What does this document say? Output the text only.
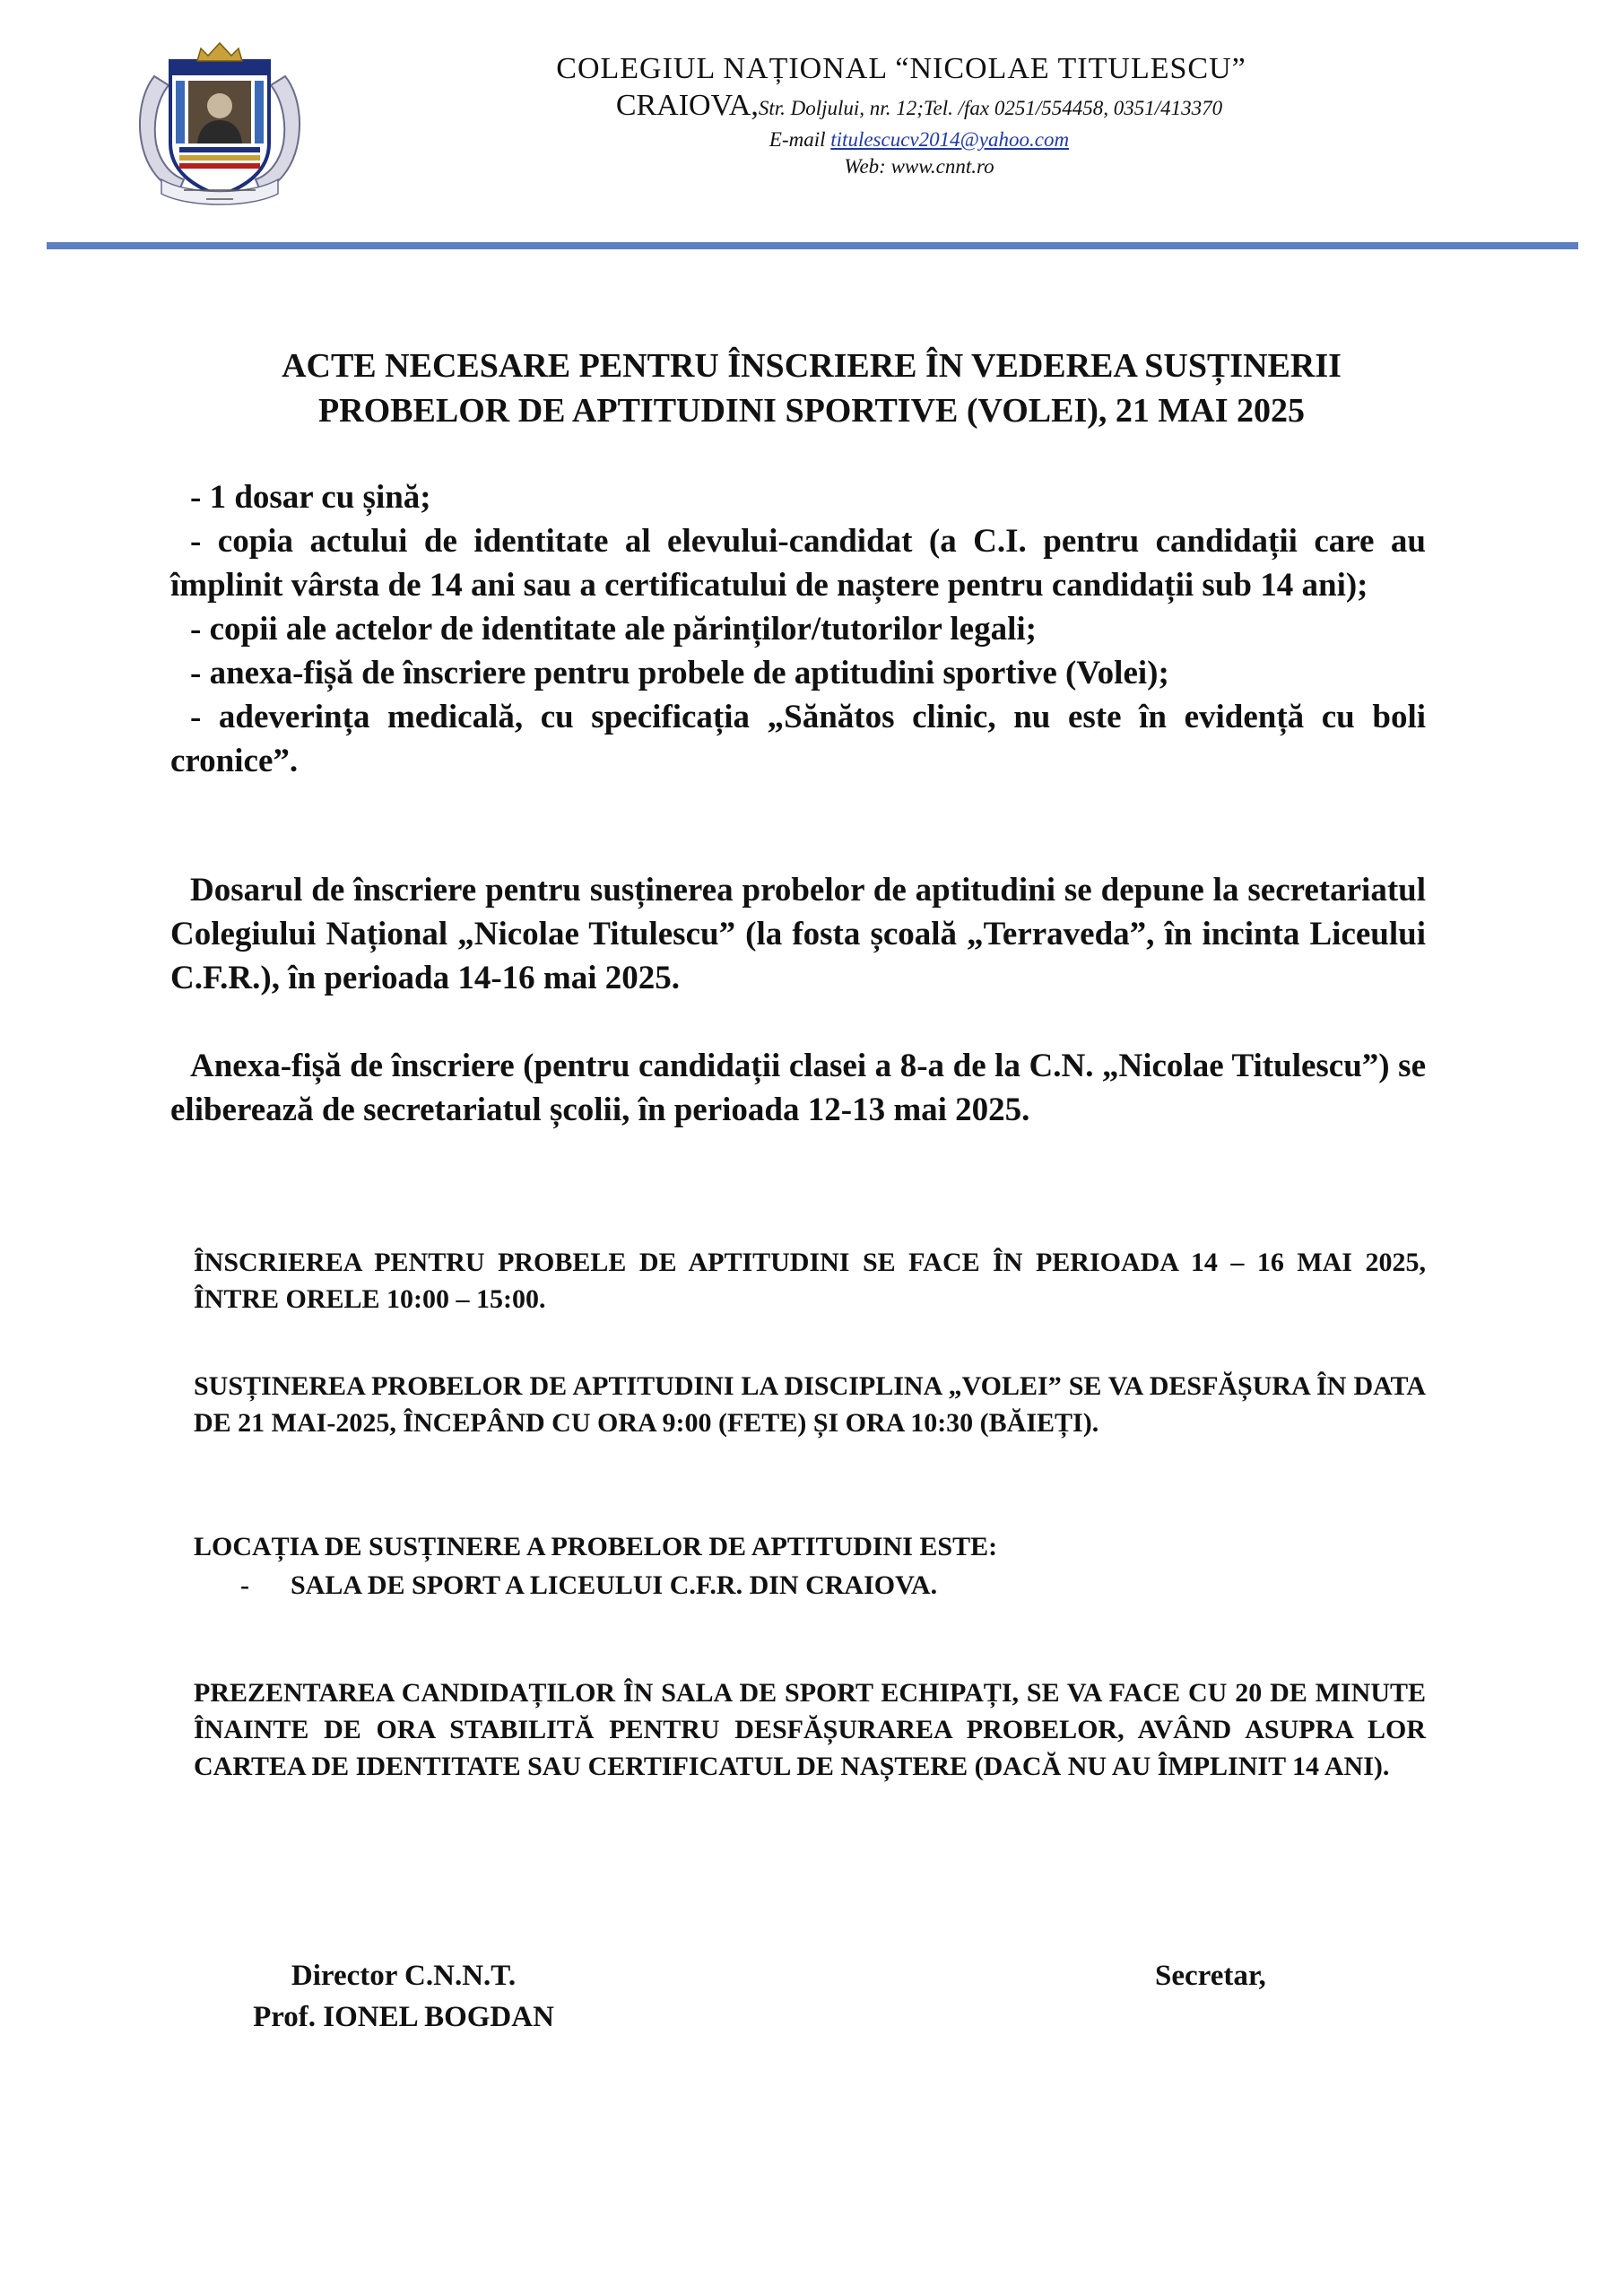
COLEGIUL NAȚIONAL “NICOLAE TITULESCU”
CRAIOVA,Str. Doljului, nr. 12;Tel. /fax 0251/554458, 0351/413370
E-mail titulescucv2014@yahoo.com
Web: www.cnnt.ro
ACTE NECESARE PENTRU ÎNSCRIERE ÎN VEDEREA SUSȚINERII
PROBELOR DE APTITUDINI SPORTIVE (VOLEI), 21 MAI 2025

- 1 dosar cu șină;

- copia actului de identitate al elevului-candidat (a C.I. pentru candidații care au împlinit vârsta de 14 ani sau a certificatului de naștere pentru candidații sub 14 ani);

- copii ale actelor de identitate ale părinților/tutorilor legali;

- anexa-fișă de înscriere pentru probele de aptitudini sportive (Volei);

- adeverința medicală, cu specificația „Sănătos clinic, nu este în evidență cu boli cronice”.

Dosarul de înscriere pentru susținerea probelor de aptitudini se depune la secretariatul Colegiului Național „Nicolae Titulescu” (la fosta școală „Terraveda”, în incinta Liceului C.F.R.), în perioada 14-16 mai 2025.

Anexa-fișă de înscriere (pentru candidații clasei a 8-a de la C.N. „Nicolae Titulescu”) se eliberează de secretariatul școlii, în perioada 12-13 mai 2025.

ÎNSCRIEREA PENTRU PROBELE DE APTITUDINI SE FACE ÎN PERIOADA 14 – 16 MAI 2025, ÎNTRE ORELE 10:00 – 15:00.

SUSȚINEREA PROBELOR DE APTITUDINI LA DISCIPLINA „VOLEI” SE VA DESFĂȘURA ÎN DATA DE 21 MAI-2025, ÎNCEPÂND CU ORA 9:00 (FETE) ȘI ORA 10:30 (BĂIEȚI).

LOCAȚIA DE SUSȚINERE A PROBELOR DE APTITUDINI ESTE:

- SALA DE SPORT A LICEULUI C.F.R. DIN CRAIOVA.

PREZENTAREA CANDIDAȚILOR ÎN SALA DE SPORT ECHIPAȚI, SE VA FACE CU 20 DE MINUTE ÎNAINTE DE ORA STABILITĂ PENTRU DESFĂȘURAREA PROBELOR, AVÂND ASUPRA LOR CARTEA DE IDENTITATE SAU CERTIFICATUL DE NAȘTERE (DACĂ NU AU ÎMPLINIT 14 ANI).

Director C.N.N.T.
Prof. IONEL BOGDAN
Secretar,
